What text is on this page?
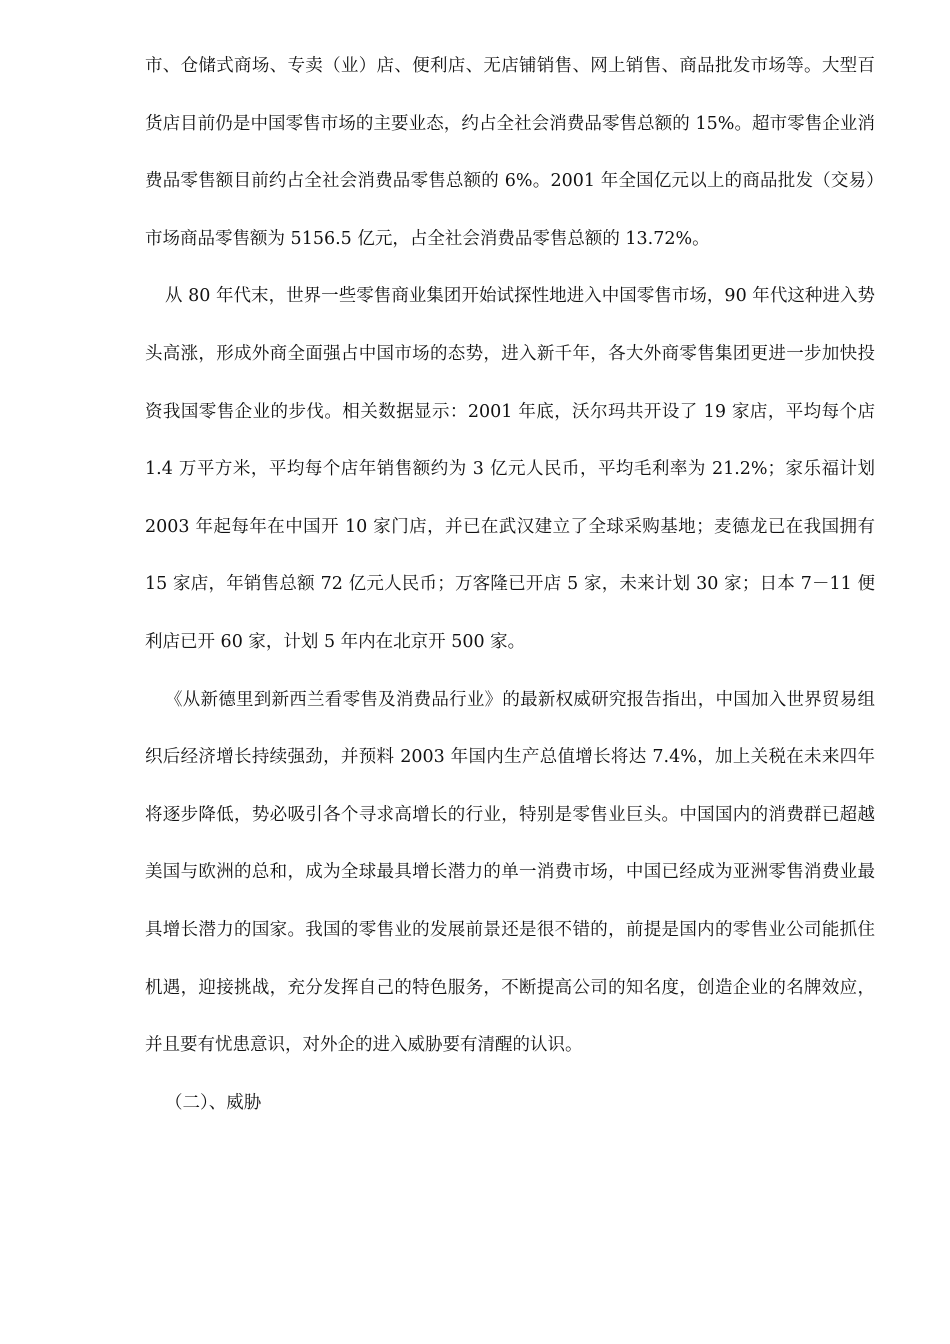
市、仓储式商场、专卖（业）店、便利店、无店铺销售、网上销售、商品批发市场等。大型百货店目前仍是中国零售市场的主要业态，约占全社会消费品零售总额的 15%。超市零售企业消费品零售额目前约占全社会消费品零售总额的 6%。2001 年全国亿元以上的商品批发（交易）市场商品零售额为 5156.5 亿元，占全社会消费品零售总额的 13.72%。

从 80 年代末，世界一些零售商业集团开始试探性地进入中国零售市场，90 年代这种进入势头高涨，形成外商全面强占中国市场的态势，进入新千年，各大外商零售集团更进一步加快投资我国零售企业的步伐。相关数据显示：2001 年底，沃尔玛共开设了 19 家店，平均每个店 1.4 万平方米，平均每个店年销售额约为 3 亿元人民币，平均毛利率为 21.2%；家乐福计划 2003 年起每年在中国开 10 家门店，并已在武汉建立了全球采购基地；麦德龙已在我国拥有 15 家店，年销售总额 72 亿元人民币；万客隆已开店 5 家，未来计划 30 家；日本 7－11 便利店已开 60 家，计划 5 年内在北京开 500 家。

《从新德里到新西兰看零售及消费品行业》的最新权威研究报告指出，中国加入世界贸易组织后经济增长持续强劲，并预料 2003 年国内生产总值增长将达 7.4%，加上关税在未来四年将逐步降低，势必吸引各个寻求高增长的行业，特别是零售业巨头。中国国内的消费群已超越美国与欧洲的总和，成为全球最具增长潜力的单一消费市场，中国已经成为亚洲零售消费业最具增长潜力的国家。我国的零售业的发展前景还是很不错的，前提是国内的零售业公司能抓住机遇，迎接挑战，充分发挥自己的特色服务，不断提高公司的知名度，创造企业的名牌效应，并且要有忧患意识，对外企的进入威胁要有清醒的认识。

（二）、威胁
